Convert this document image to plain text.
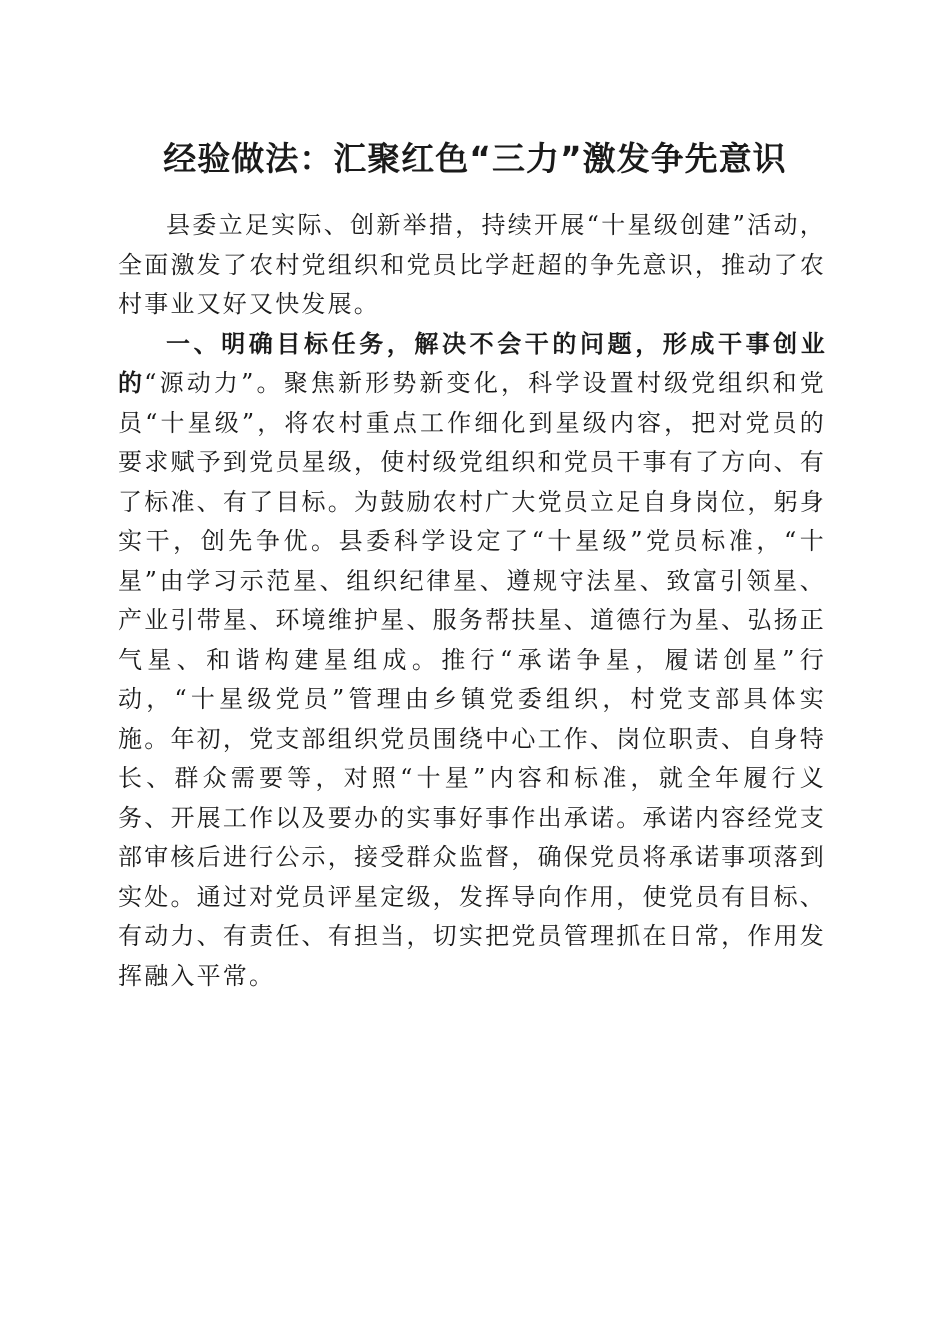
经验做法：汇聚红色“三力”激发争先意识

县委立足实际、创新举措，持续开展“十星级创建”活动，全面激发了农村党组织和党员比学赶超的争先意识，推动了农村事业又好又快发展。

一、明确目标任务，解决不会干的问题，形成干事创业的“源动力”。聚焦新形势新变化，科学设置村级党组织和党员“十星级”，将农村重点工作细化到星级内容，把对党员的要求赋予到党员星级，使村级党组织和党员干事有了方向、有了标准、有了目标。为鼓励农村广大党员立足自身岗位，躬身实干，创先争优。县委科学设定了“十星级”党员标准，“十星”由学习示范星、组织纪律星、遵规守法星、致富引领星、产业引带星、环境维护星、服务帮扶星、道德行为星、弘扬正气星、和谐构建星组成。推行“承诺争星，履诺创星”行动，“十星级党员”管理由乡镇党委组织，村党支部具体实施。年初，党支部组织党员围绕中心工作、岗位职责、自身特长、群众需要等，对照“十星”内容和标准，就全年履行义务、开展工作以及要办的实事好事作出承诺。承诺内容经党支部审核后进行公示，接受群众监督，确保党员将承诺事项落到实处。通过对党员评星定级，发挥导向作用，使党员有目标、有动力、有责任、有担当，切实把党员管理抓在日常，作用发挥融入平常。
